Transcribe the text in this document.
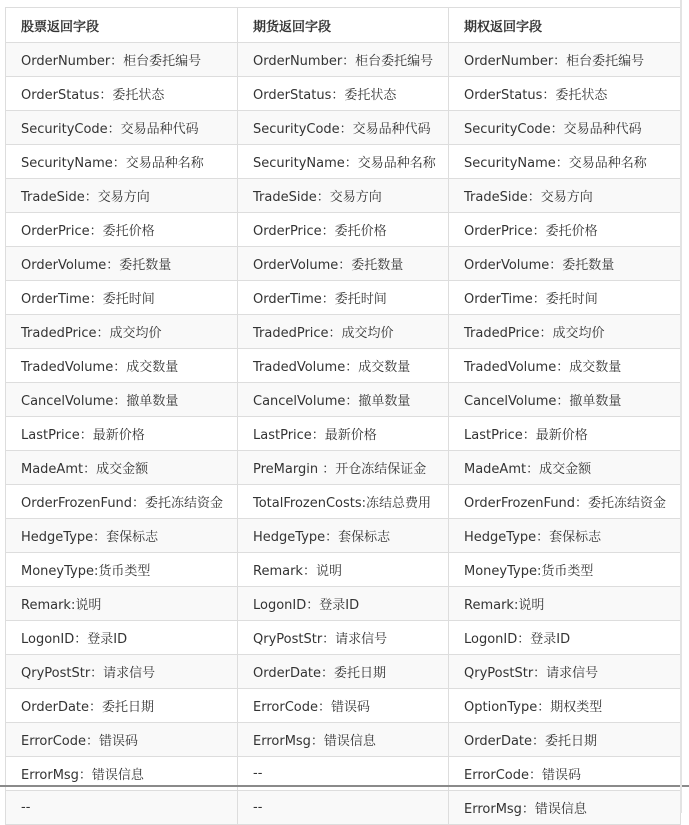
股票返回字段	期货返回字段	期权返回字段
OrderNumber：柜台委托编号	OrderNumber：柜台委托编号	OrderNumber：柜台委托编号
OrderStatus：委托状态	OrderStatus：委托状态	OrderStatus：委托状态
SecurityCode：交易品种代码	SecurityCode：交易品种代码	SecurityCode：交易品种代码
SecurityName：交易品种名称	SecurityName：交易品种名称	SecurityName：交易品种名称
TradeSide：交易方向	TradeSide：交易方向	TradeSide：交易方向
OrderPrice：委托价格	OrderPrice：委托价格	OrderPrice：委托价格
OrderVolume：委托数量	OrderVolume：委托数量	OrderVolume：委托数量
OrderTime：委托时间	OrderTime：委托时间	OrderTime：委托时间
TradedPrice：成交均价	TradedPrice：成交均价	TradedPrice：成交均价
TradedVolume：成交数量	TradedVolume：成交数量	TradedVolume：成交数量
CancelVolume：撤单数量	CancelVolume：撤单数量	CancelVolume：撤单数量
LastPrice：最新价格	LastPrice：最新价格	LastPrice：最新价格
MadeAmt：成交金额	PreMargin ：开仓冻结保证金	MadeAmt：成交金额
OrderFrozenFund：委托冻结资金	TotalFrozenCosts:冻结总费用	OrderFrozenFund：委托冻结资金
HedgeType：套保标志	HedgeType：套保标志	HedgeType：套保标志
MoneyType:货币类型	Remark：说明	MoneyType:货币类型
Remark:说明	LogonID：登录ID	Remark:说明
LogonID：登录ID	QryPostStr：请求信号	LogonID：登录ID
QryPostStr：请求信号	OrderDate：委托日期	QryPostStr：请求信号
OrderDate：委托日期	ErrorCode：错误码	OptionType：期权类型
ErrorCode：错误码	ErrorMsg：错误信息	OrderDate：委托日期
ErrorMsg：错误信息	--	ErrorCode：错误码
--	--	ErrorMsg：错误信息
